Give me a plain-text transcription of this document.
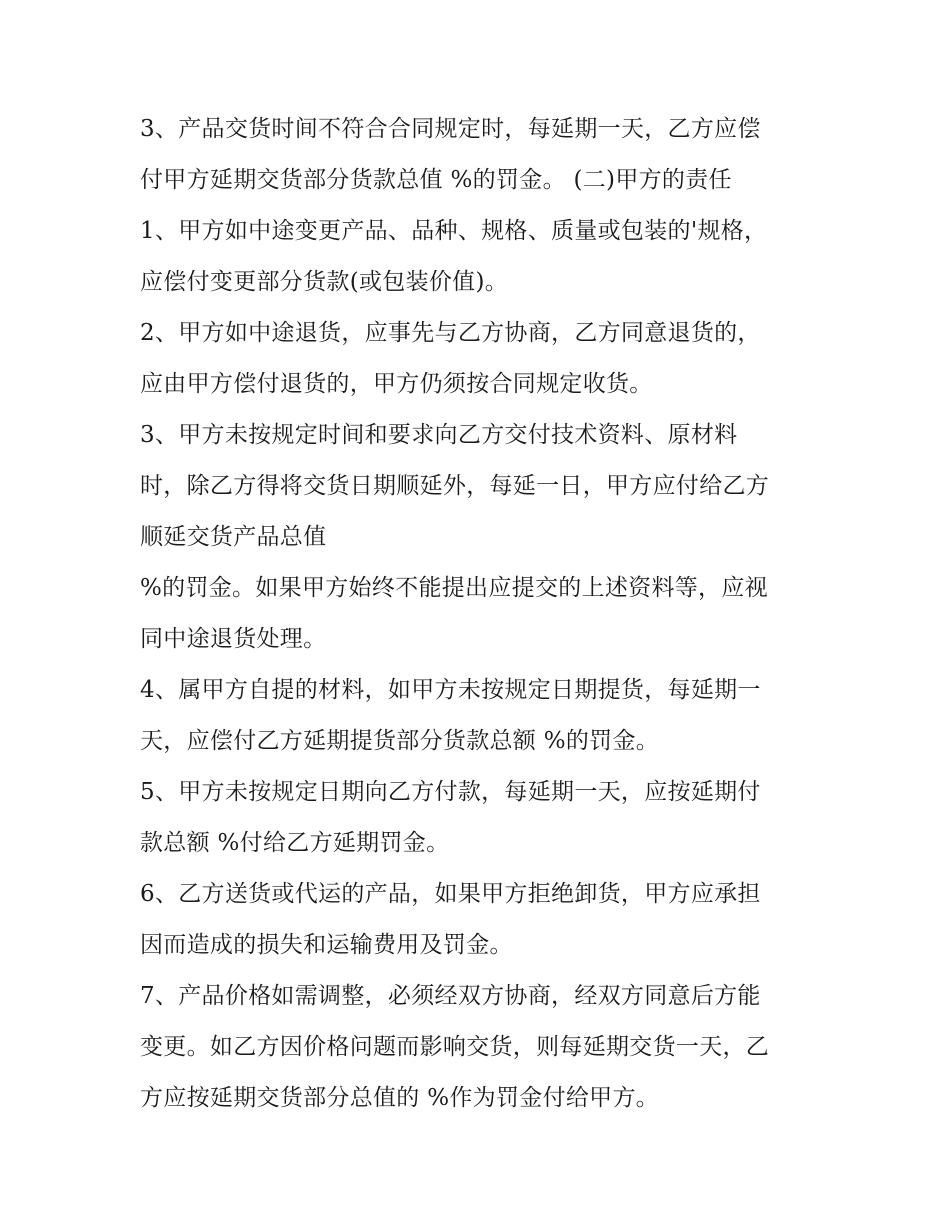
3、产品交货时间不符合合同规定时，每延期一天，乙方应偿
付甲方延期交货部分货款总值 %的罚金。 (二)甲方的责任
1、甲方如中途变更产品、品种、规格、质量或包装的'规格，
应偿付变更部分货款(或包装价值)。
2、甲方如中途退货，应事先与乙方协商，乙方同意退货的，
应由甲方偿付退货的，甲方仍须按合同规定收货。
3、甲方未按规定时间和要求向乙方交付技术资料、原材料
时，除乙方得将交货日期顺延外，每延一日，甲方应付给乙方
顺延交货产品总值
%的罚金。如果甲方始终不能提出应提交的上述资料等，应视
同中途退货处理。
4、属甲方自提的材料，如甲方未按规定日期提货，每延期一
天，应偿付乙方延期提货部分货款总额 %的罚金。
5、甲方未按规定日期向乙方付款，每延期一天，应按延期付
款总额 %付给乙方延期罚金。
6、乙方送货或代运的产品，如果甲方拒绝卸货，甲方应承担
因而造成的损失和运输费用及罚金。
7、产品价格如需调整，必须经双方协商，经双方同意后方能
变更。如乙方因价格问题而影响交货，则每延期交货一天，乙
方应按延期交货部分总值的 %作为罚金付给甲方。
